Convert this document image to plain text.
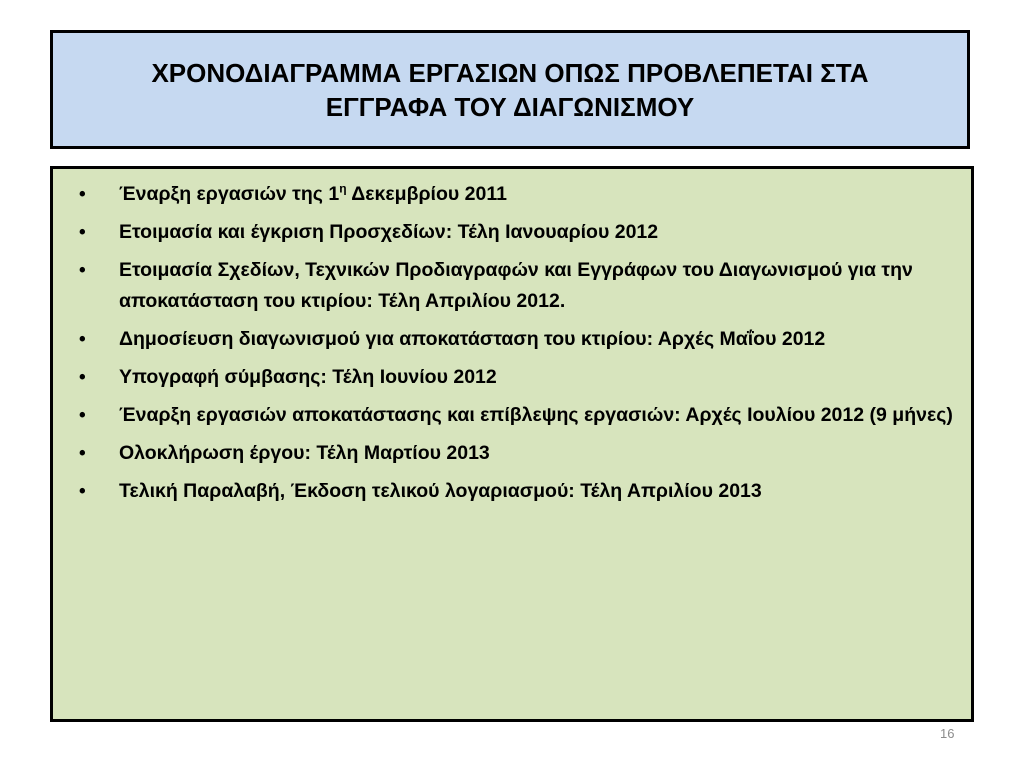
ΧΡΟΝΟΔΙΑΓΡΑΜΜΑ ΕΡΓΑΣΙΩΝ ΟΠΩΣ ΠΡΟΒΛΕΠΕΤΑΙ ΣΤΑ
ΕΓΓΡΑΦΑ ΤΟΥ ΔΙΑΓΩΝΙΣΜΟΥ
• Έναρξη εργασιών της $1^\eta$ Δεκεμβρίου 2011
• Ετοιμασία και έγκριση Προσχεδίων: Τέλη Ιανουαρίου 2012
• Ετοιμασία Σχεδίων, Τεχνικών Προδιαγραφών και Εγγράφων του Διαγωνισμού για την αποκατάσταση του κτιρίου: Τέλη Απριλίου 2012.
• Δημοσίευση διαγωνισμού για αποκατάσταση του κτιρίου: Αρχές Μαΐου 2012
• Υπογραφή σύμβασης: Τέλη Ιουνίου 2012
• Έναρξη εργασιών αποκατάστασης και επίβλεψης εργασιών: Αρχές Ιουλίου 2012 (9 μήνες)
• Ολοκλήρωση έργου: Τέλη Μαρτίου 2013
• Τελική Παραλαβή, Έκδοση τελικού λογαριασμού: Τέλη Απριλίου 2013
16
